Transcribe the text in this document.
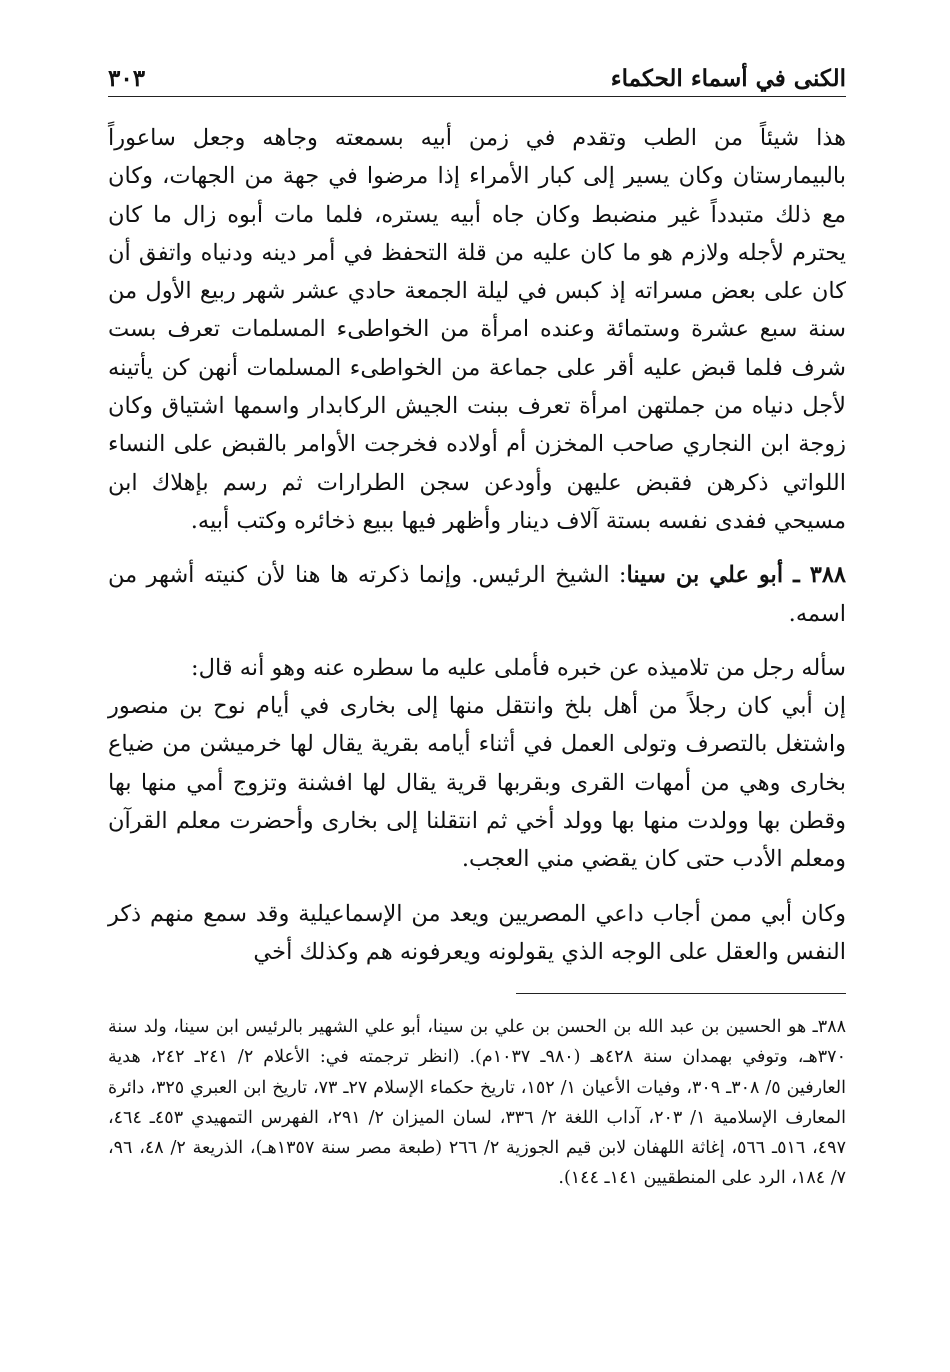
الكنى في أسماء الحكماء
٣٠٣

هذا شيئاً من الطب وتقدم في زمن أبيه بسمعته وجاهه وجعل ساعوراً بالبيمارستان وكان يسير إلى كبار الأمراء إذا مرضوا في جهة من الجهات، وكان مع ذلك متبدداً غير منضبط وكان جاه أبيه يستره، فلما مات أبوه زال ما كان يحترم لأجله ولازم هو ما كان عليه من قلة التحفظ في أمر دينه ودنياه واتفق أن كان على بعض مسراته إذ كبس في ليلة الجمعة حادي عشر شهر ربيع الأول من سنة سبع عشرة وستمائة وعنده امرأة من الخواطىء المسلمات تعرف بست شرف فلما قبض عليه أقر على جماعة من الخواطىء المسلمات أنهن كن يأتينه لأجل دنياه من جملتهن امرأة تعرف ببنت الجيش الركابدار واسمها اشتياق وكان زوجة ابن النجاري صاحب المخزن أم أولاده فخرجت الأوامر بالقبض على النساء اللواتي ذكرهن فقبض عليهن وأودعن سجن الطرارات ثم رسم بإهلاك ابن مسيحي ففدى نفسه بستة آلاف دينار وأظهر فيها ببيع ذخائره وكتب أبيه.

٣٨٨ ـ أبو علي بن سينا: الشيخ الرئيس. وإنما ذكرته ها هنا لأن كنيته أشهر من اسمه.

سأله رجل من تلاميذه عن خبره فأملى عليه ما سطره عنه وهو أنه قال:

إن أبي كان رجلاً من أهل بلخ وانتقل منها إلى بخارى في أيام نوح بن منصور واشتغل بالتصرف وتولى العمل في أثناء أيامه بقرية يقال لها خرميشن من ضياع بخارى وهي من أمهات القرى وبقربها قرية يقال لها افشنة وتزوج أمي منها بها وقطن بها وولدت منها بها وولد أخي ثم انتقلنا إلى بخارى وأحضرت معلم القرآن ومعلم الأدب حتى كان يقضي مني العجب.

وكان أبي ممن أجاب داعي المصريين ويعد من الإسماعيلية وقد سمع منهم ذكر النفس والعقل على الوجه الذي يقولونه ويعرفونه هم وكذلك أخي

٣٨٨ـ هو الحسين بن عبد الله بن الحسن بن علي بن سينا، أبو علي الشهير بالرئيس ابن سينا، ولد سنة ٣٧٠هـ، وتوفي بهمدان سنة ٤٢٨هـ (٩٨٠ـ ١٠٣٧م). (انظر ترجمته في: الأعلام ٢/ ٢٤١ـ ٢٤٢، هدية العارفين ٥/ ٣٠٨ـ ٣٠٩، وفيات الأعيان ١/ ١٥٢، تاريخ حكماء الإسلام ٢٧ـ ٧٣، تاريخ ابن العبري ٣٢٥، دائرة المعارف الإسلامية ١/ ٢٠٣، آداب اللغة ٢/ ٣٣٦، لسان الميزان ٢/ ٢٩١، الفهرس التمهيدي ٤٥٣ـ ٤٦٤، ٤٩٧، ٥١٦ـ ٥٦٦، إغاثة اللهفان لابن قيم الجوزية ٢/ ٢٦٦ (طبعة مصر سنة ١٣٥٧هـ)، الذريعة ٢/ ٤٨، ٩٦، ٧/ ١٨٤، الرد على المنطقيين ١٤١ـ ١٤٤).
